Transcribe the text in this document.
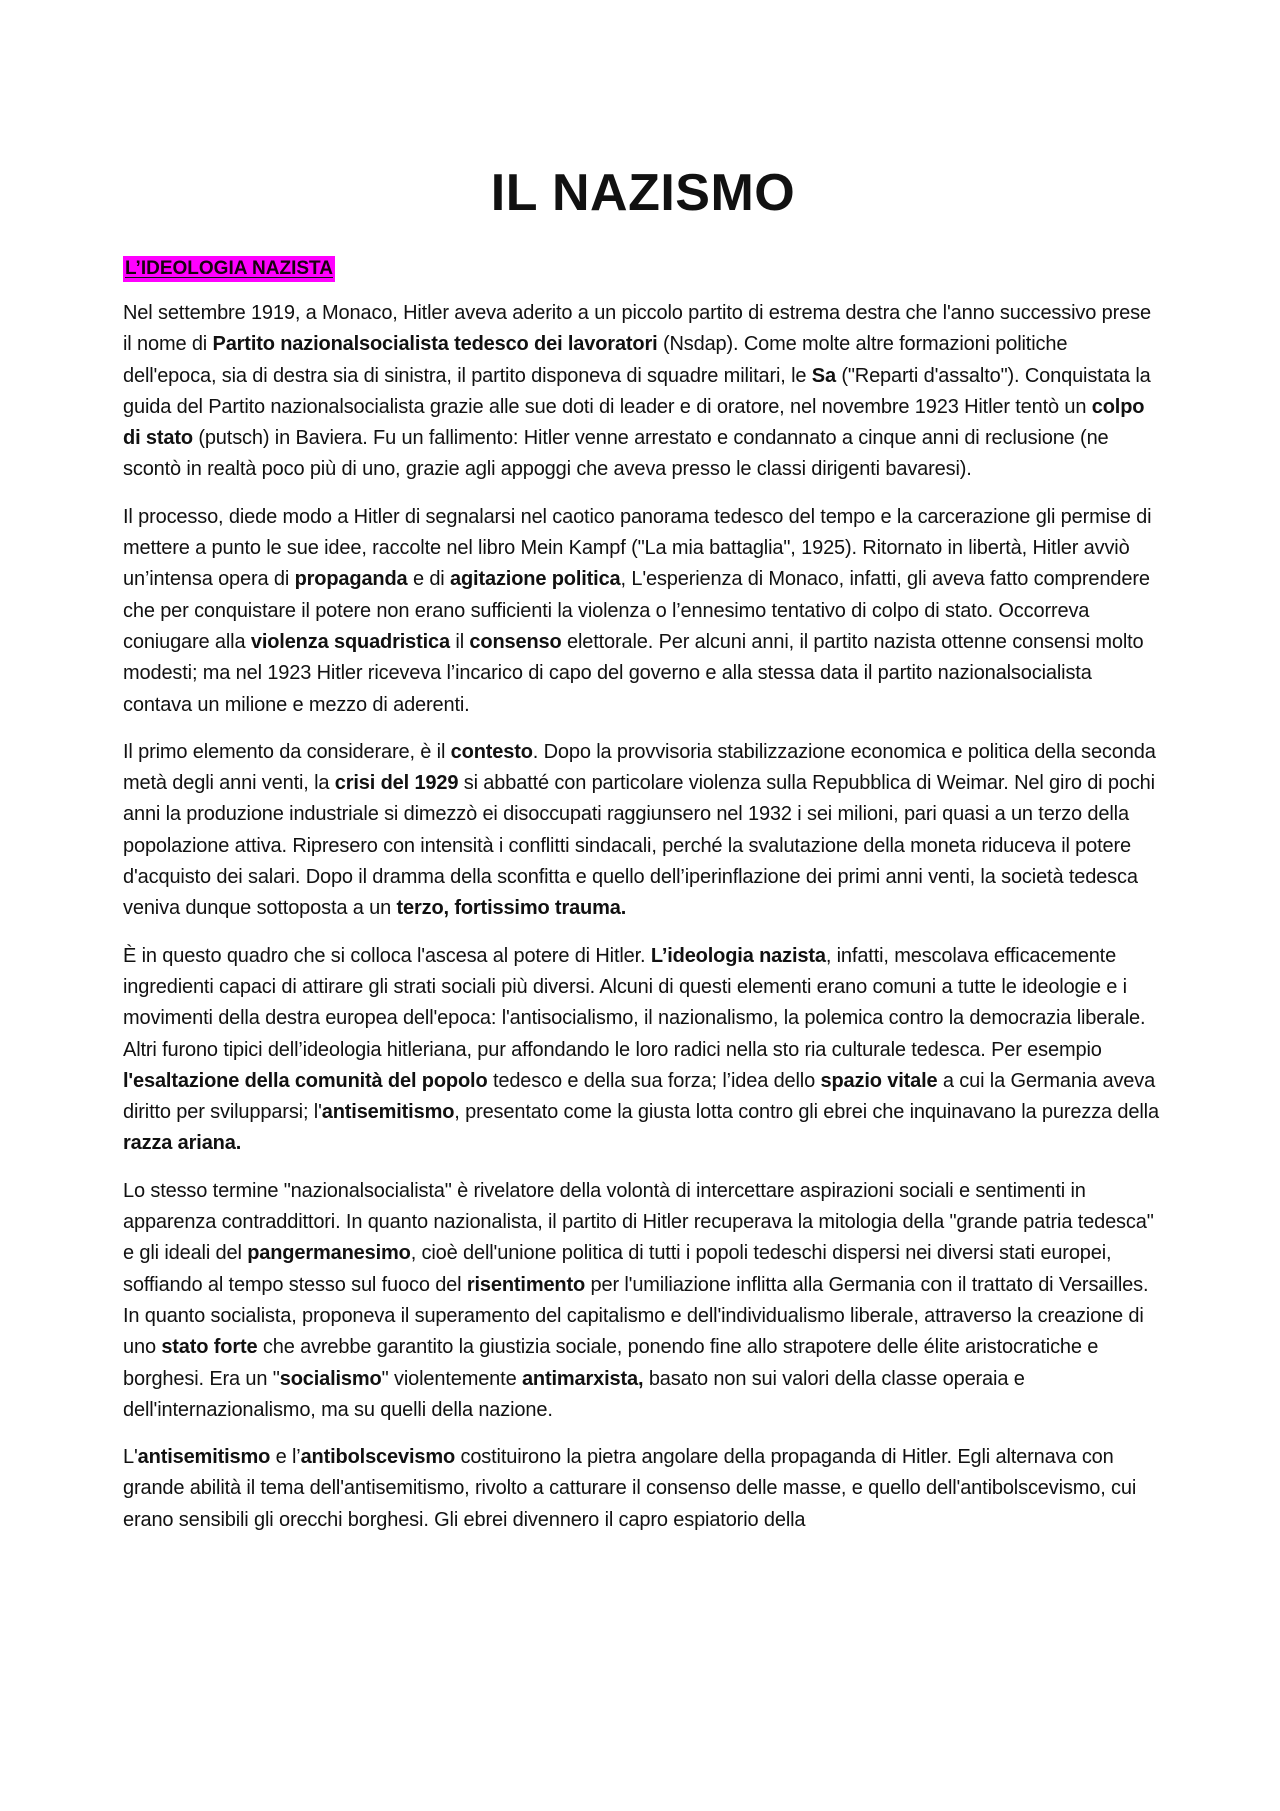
IL NAZISMO
L’IDEOLOGIA NAZISTA

Nel settembre 1919, a Monaco, Hitler aveva aderito a un piccolo partito di estrema destra che l'anno successivo prese il nome di Partito nazionalsocialista tedesco dei lavoratori (Nsdap). Come molte altre formazioni politiche dell'epoca, sia di destra sia di sinistra, il partito disponeva di squadre militari, le Sa ("Reparti d'assalto"). Conquistata la guida del Partito nazionalsocialista grazie alle sue doti di leader e di oratore, nel novembre 1923 Hitler tentò un colpo di stato (putsch) in Baviera. Fu un fallimento: Hitler venne arrestato e condannato a cinque anni di reclusione (ne scontò in realtà poco più di uno, grazie agli appoggi che aveva presso le classi dirigenti bavaresi).

Il processo, diede modo a Hitler di segnalarsi nel caotico panorama tedesco del tempo e la carcerazione gli permise di mettere a punto le sue idee, raccolte nel libro Mein Kampf ("La mia battaglia", 1925). Ritornato in libertà, Hitler avviò un’intensa opera di propaganda e di agitazione politica, L'esperienza di Monaco, infatti, gli aveva fatto comprendere che per conquistare il potere non erano sufficienti la violenza o l’ennesimo tentativo di colpo di stato. Occorreva coniugare alla violenza squadristica il consenso elettorale. Per alcuni anni, il partito nazista ottenne consensi molto modesti; ma nel 1923 Hitler riceveva l’incarico di capo del governo e alla stessa data il partito nazionalsocialista contava un milione e mezzo di aderenti.

Il primo elemento da considerare, è il contesto. Dopo la provvisoria stabilizzazione economica e politica della seconda metà degli anni venti, la crisi del 1929 si abbatté con particolare violenza sulla Repubblica di Weimar. Nel giro di pochi anni la produzione industriale si dimezzò ei disoccupati raggiunsero nel 1932 i sei milioni, pari quasi a un terzo della popolazione attiva. Ripresero con intensità i conflitti sindacali, perché la svalutazione della moneta riduceva il potere d'acquisto dei salari. Dopo il dramma della sconfitta e quello dell’iperinflazione dei primi anni venti, la società tedesca veniva dunque sottoposta a un terzo, fortissimo trauma.

È in questo quadro che si colloca l'ascesa al potere di Hitler. L’ideologia nazista, infatti, mescolava efficacemente ingredienti capaci di attirare gli strati sociali più diversi. Alcuni di questi elementi erano comuni a tutte le ideologie e i movimenti della destra europea dell'epoca: l'antisocialismo, il nazionalismo, la polemica contro la democrazia liberale. Altri furono tipici dell’ideologia hitleriana, pur affondando le loro radici nella sto ria culturale tedesca. Per esempio l'esaltazione della comunità del popolo tedesco e della sua forza; l’idea dello spazio vitale a cui la Germania aveva diritto per svilupparsi; l'antisemitismo, presentato come la giusta lotta contro gli ebrei che inquinavano la purezza della razza ariana.

Lo stesso termine "nazionalsocialista" è rivelatore della volontà di intercettare aspirazioni sociali e sentimenti in apparenza contraddittori. In quanto nazionalista, il partito di Hitler recuperava la mitologia della "grande patria tedesca" e gli ideali del pangermanesimo, cioè dell'unione politica di tutti i popoli tedeschi dispersi nei diversi stati europei, soffiando al tempo stesso sul fuoco del risentimento per l'umiliazione inflitta alla Germania con il trattato di Versailles. In quanto socialista, proponeva il superamento del capitalismo e dell'individualismo liberale, attraverso la creazione di uno stato forte che avrebbe garantito la giustizia sociale, ponendo fine allo strapotere delle élite aristocratiche e borghesi. Era un "socialismo" violentemente antimarxista, basato non sui valori della classe operaia e dell'internazionalismo, ma su quelli della nazione.

L'antisemitismo e l’antibolscevismo costituirono la pietra angolare della propaganda di Hitler. Egli alternava con grande abilità il tema dell'antisemitismo, rivolto a catturare il consenso delle masse, e quello dell'antibolscevismo, cui erano sensibili gli orecchi borghesi. Gli ebrei divennero il capro espiatorio della
